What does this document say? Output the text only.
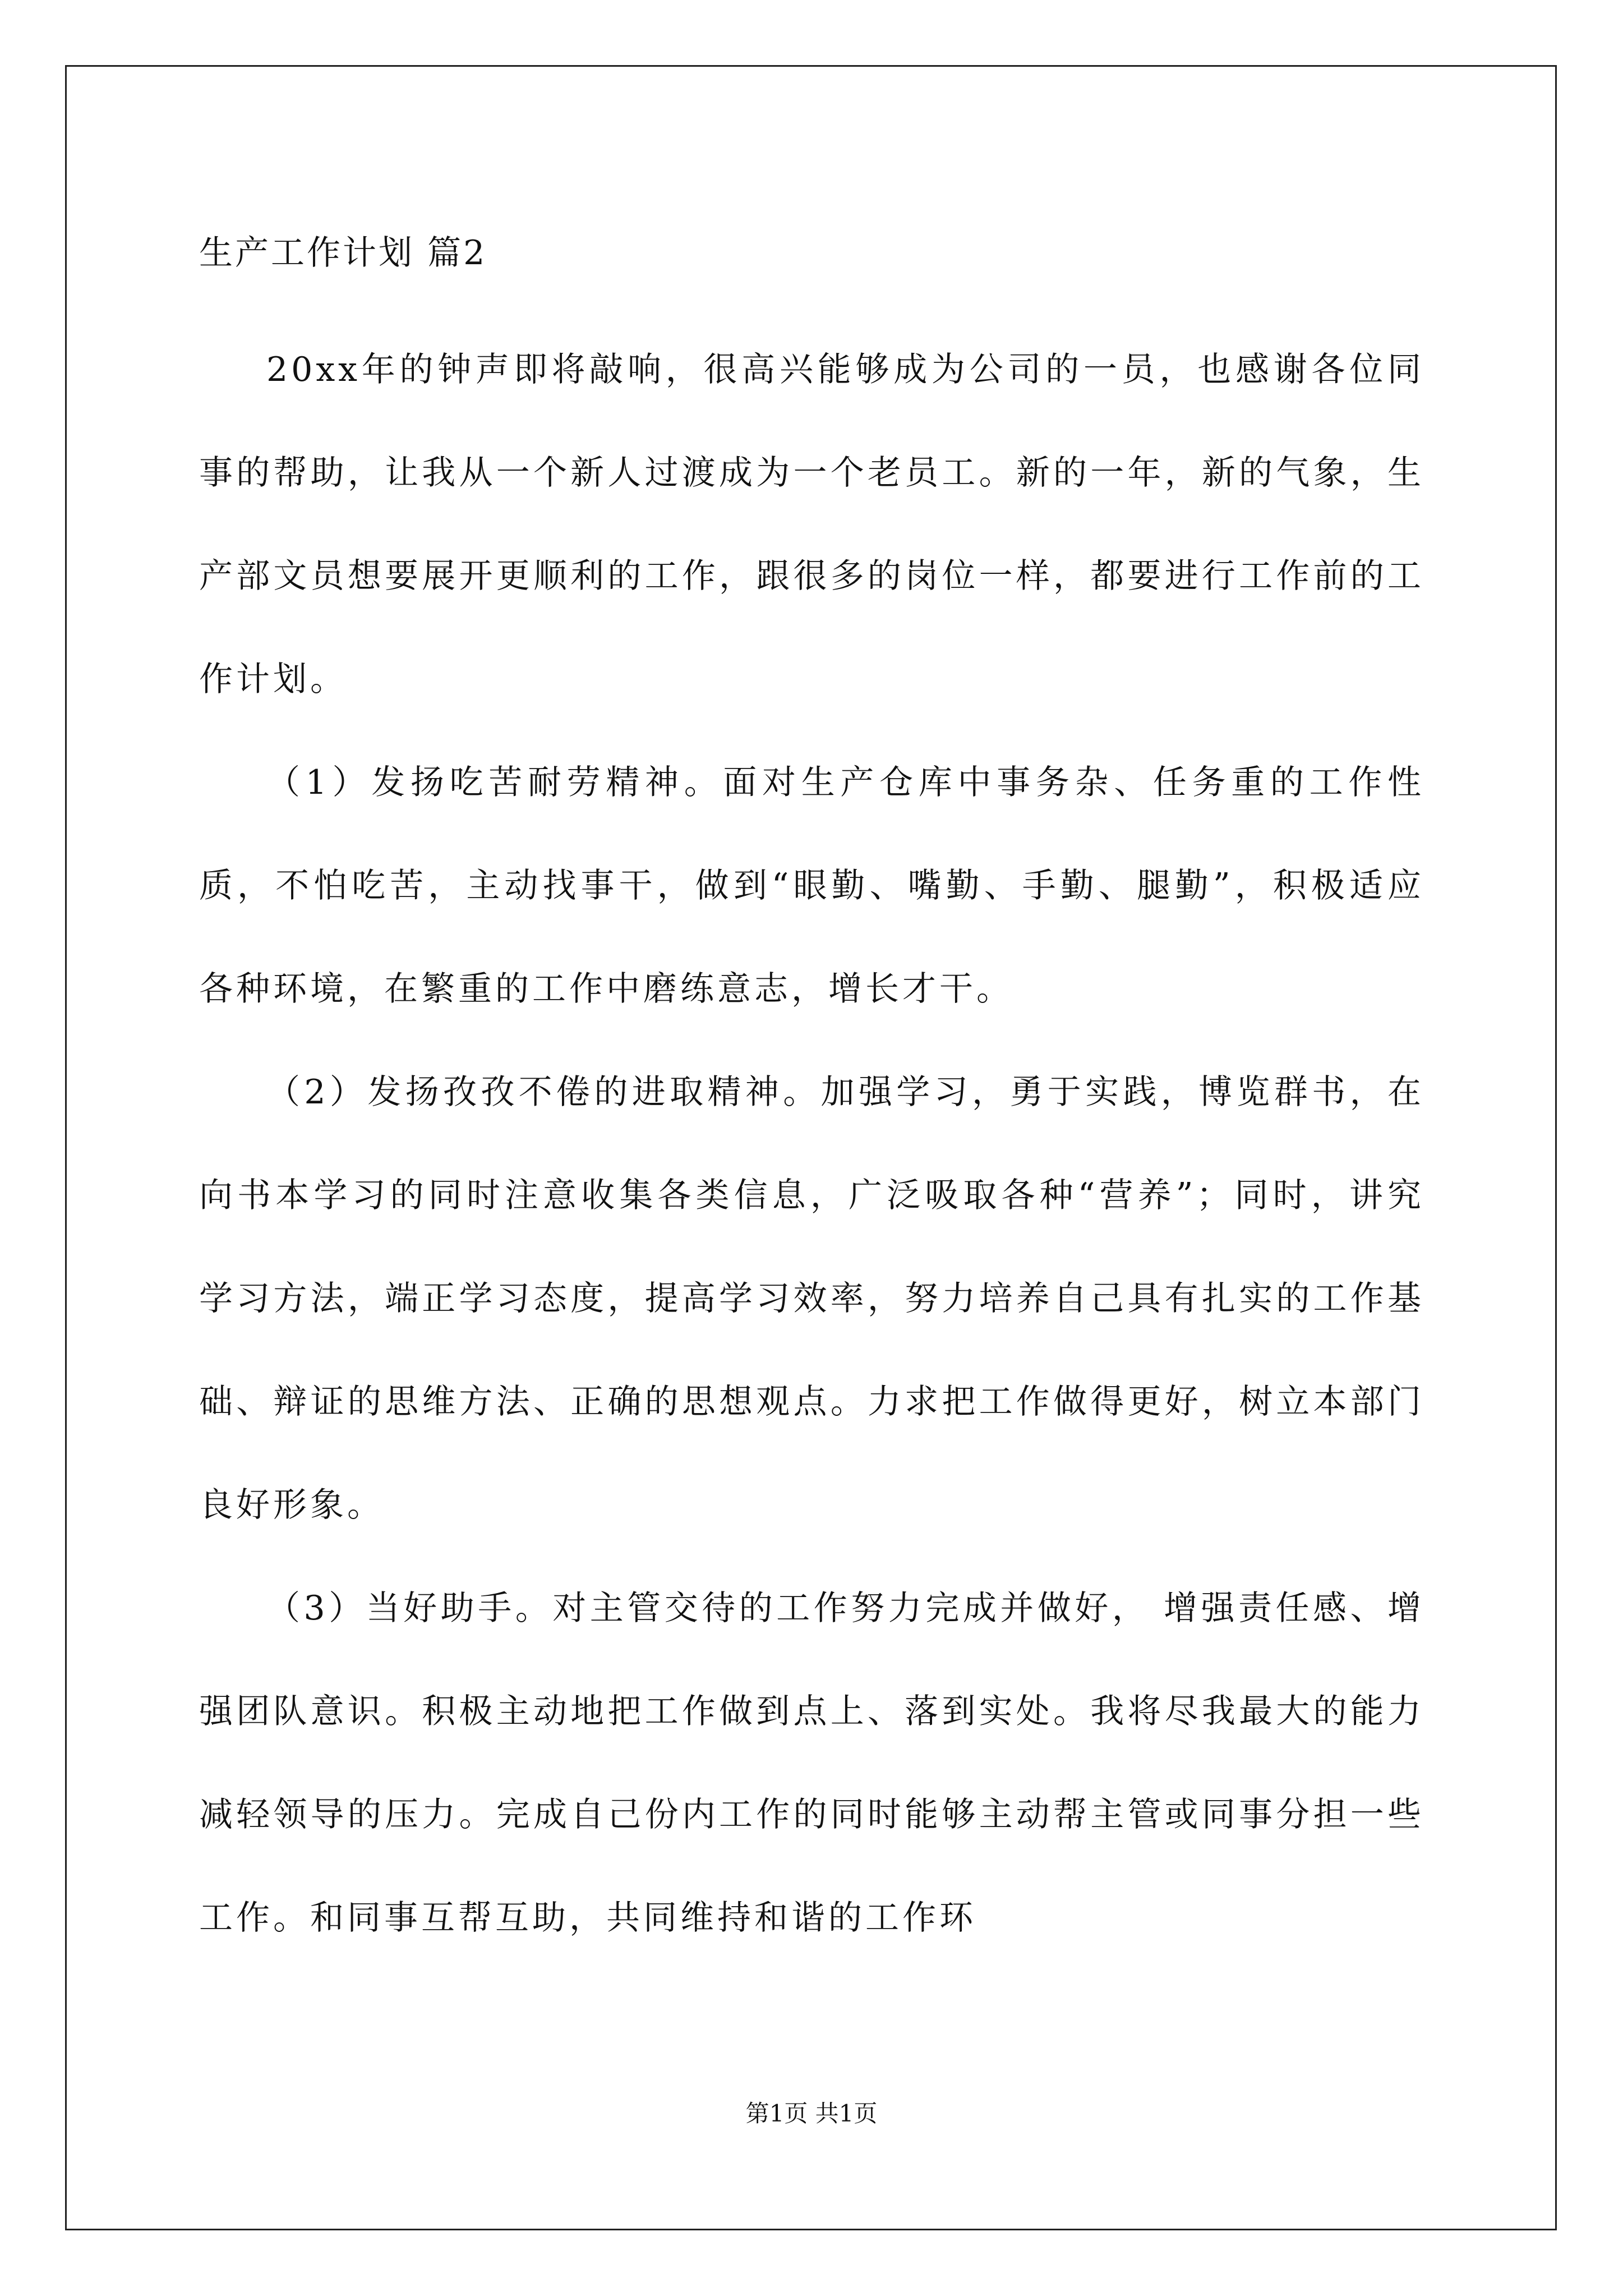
生产工作计划 篇2

20xx年的钟声即将敲响，很高兴能够成为公司的一员，也感谢各位同事的帮助，让我从一个新人过渡成为一个老员工。新的一年，新的气象，生产部文员想要展开更顺利的工作，跟很多的岗位一样，都要进行工作前的工作计划。

（1）发扬吃苦耐劳精神。面对生产仓库中事务杂、任务重的工作性质，不怕吃苦，主动找事干，做到“眼勤、嘴勤、手勤、腿勤”，积极适应各种环境，在繁重的工作中磨练意志，增长才干。

（2）发扬孜孜不倦的进取精神。加强学习，勇于实践，博览群书，在向书本学习的同时注意收集各类信息，广泛吸取各种“营养”；同时，讲究学习方法，端正学习态度，提高学习效率，努力培养自己具有扎实的工作基础、辩证的思维方法、正确的思想观点。力求把工作做得更好，树立本部门良好形象。

（3）当好助手。对主管交待的工作努力完成并做好， 增强责任感、增强团队意识。积极主动地把工作做到点上、落到实处。我将尽我最大的能力减轻领导的压力。完成自己份内工作的同时能够主动帮主管或同事分担一些工作。和同事互帮互助，共同维持和谐的工作环

第1页 共1页
